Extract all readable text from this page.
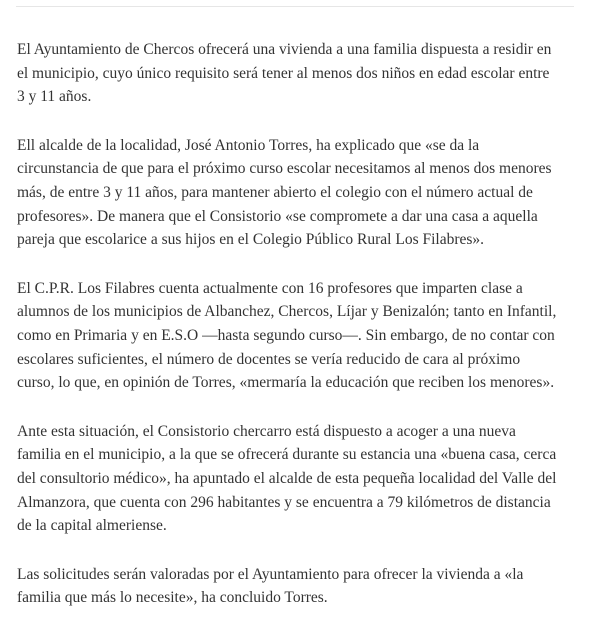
El Ayuntamiento de Chercos ofrecerá una vivienda a una familia dispuesta a residir en
el municipio, cuyo único requisito será tener al menos dos niños en edad escolar entre
3 y 11 años.

Ell alcalde de la localidad, José Antonio Torres, ha explicado que «se da la
circunstancia de que para el próximo curso escolar necesitamos al menos dos menores
más, de entre 3 y 11 años, para mantener abierto el colegio con el número actual de
profesores». De manera que el Consistorio «se compromete a dar una casa a aquella
pareja que escolarice a sus hijos en el Colegio Público Rural Los Filabres».

El C.P.R. Los Filabres cuenta actualmente con 16 profesores que imparten clase a
alumnos de los municipios de Albanchez, Chercos, Líjar y Benizalón; tanto en Infantil,
como en Primaria y en E.S.O —hasta segundo curso—. Sin embargo, de no contar con
escolares suficientes, el número de docentes se vería reducido de cara al próximo
curso, lo que, en opinión de Torres, «mermaría la educación que reciben los menores».

Ante esta situación, el Consistorio chercarro está dispuesto a acoger a una nueva
familia en el municipio, a la que se ofrecerá durante su estancia una «buena casa, cerca
del consultorio médico», ha apuntado el alcalde de esta pequeña localidad del Valle del
Almanzora, que cuenta con 296 habitantes y se encuentra a 79 kilómetros de distancia
de la capital almeriense.

Las solicitudes serán valoradas por el Ayuntamiento para ofrecer la vivienda a «la
familia que más lo necesite», ha concluido Torres.
